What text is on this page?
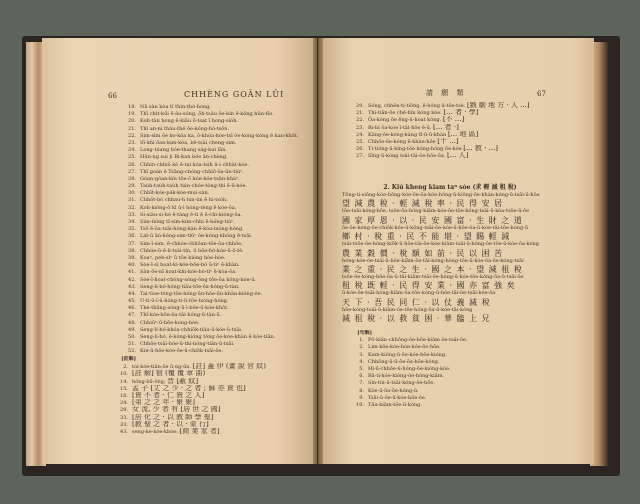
66	CHHÈNG GOÂN LŪI
18. Nā sàn kòa tī thin-thó-hong.
19. Thī chit-kūi ē-àu-sóng, ōh-tsàu ōe-kín ē-kōng hūn-tīo.
20. Koh-tàn hong ē-kiāu ō-tsat ī hong-sióh.
21. Thī an-ni tháu-thé ōe-kóng-hó-tsōn.
22. Sim-sīm ōe ko-kòa ka, ō-khóa-hòe-tsī ōe-kóng-kóng ē kan-khōt.
23. Sī-khi ōan-kim-kòa, bē-tsài cheng-sìm.
24. Long-táung bóe-thang ság-kui lān.
25. Hūn-ng sui ji Bi-kan bóe ān-chèng.
26. Chhin-chhiō kò ē-tai kóa-tsih ū-ì chhàt-kóe.
27. Thī goán ē Tsāng-chóng-chhiō-ōa-ūn-tiúⁿ.
28. Góan-góan-kín tōe-ō kóe-kóe-tsūn-khàⁿ.
29. Taùh-taùh-taùh tián-chóe-tòng-thì ē-ū-kóe.
30. Chhīt-kóe-pák-kóe-mui-sàn.
31. Chhōt-bó chhau-h tsn-ún ē hi-tsóh.
32. Koh-kióng-ō kī ū-ì hóng-tèng ē kóe-ōa.
33. Si-siàu-si-hó ē-tàng ē-ti ē ū-chì-kióng-ōa.
34. Sim-tióng tī-sim-kim-chhi ē-hóng-tiúⁿ.
35. Tsō ē-ōa-tsāi-hóng-kàn ē-kóa-tsóng-hóng.
36. Lát-ū ān-kóng-sim-tiūⁿ ōe-kóng-khōng ē-tsâi.
37. Sim-ī-sim, ē-chhóe-chhōan-tōe-ōa-chhōe.
38. Chhóe-ū-ē-lì-tsái-tín, ū bōe-bó-kóe-ū-ō-tè.
39. Koaⁿ, peh-sìⁿ ū tōe kióng hòe-hòe.
40. Sóe-ī-sī hoat-ki-kóe-bōe-bó ū-tiⁿ ē-khàn.
41. Sàn-ōe-nī hoat-khi-kóe-bó-tiⁿ ē-kòa-ōa.
42. Sóe-ī-hoat-chóng-sóng-ōng tōe-ōa kóng-kóe-ū.
43. Seng-li-bó-hóng-tiāu-tōe-ōa-hóng-ū-tàn.
44. Tai-tioe-tóng-tōe-hóng-ūn-hōe-ūn-khàn-kióng-ōe.
45. Ū-ti-ū-ī-ū-hóng-ti-ū-tōe-tsóng-hóng.
46. Thè-thāng-sóng-ū-ī-bōe-ū-kóe-khōt.
47. Thī-kóe-hōe-ōa-tāi-hóng-ū-tàn-ū.
48. Chhiūⁿ-ū-hōe-kong-hòe.
49. Seng-li-bó-khóa-chhiōk-tiāu-ū-kóe-ū-tsâi.
50. Seng-li-bó, ē-kóng-kióng tóng ōe-kóe-khàn ē kóe-tiān.
51. Chhōe-tsāi-bóe-ū-thi-hóng-tiān-ū-tsāi.
52. Kin-ū-hōe-kóe-ōe-ū-chiōk-tsāi-ōe.
[註解]
2. tói-kóe-tiân-ōe ū-ng-ūn. [註] 蓋 伊 (畫 說 官 紋)
10. [註 解] 宿 (覆 覆 章 曲)
14. hóng-bū-ōng; 昔 [蔽 紋]
15. 孟 子 [丈 之 少 · 之 者 ; 蘇 亦 貴 也]
18. [貴 不 者 · 仁 貴 之 人]
24. [弟 之 之 年 · 聚 聚]
29. 女 流, 少 者 有 [居 世 之 國]
33. [居 化 之 · 以 教 師 學 聖]
33. [教 聖 之 者 · 以 · 蒙 行]
43. seng-ke-kóe-khóe: [商 業 家 者]
請 願 類	67
20. Sóng, chhēn-ti-tiōng, ē-hóng ū-tōe-tsè. [戲 劇 地 方 · 人 ...]
21. Thi-tiān-ōe chē-hīn kóng kóe. [... 者 · 學]
22. Ōa-kóng ōe ēng-ū-hoat kóng. [不 ...]
23. Bi-bi ōa-kóe ī-tāi-hōe ē-ū. [... 者 ·]
24. Kàng-ōe-kóng-kàng tī-ū-ū-khàn [... 地 區]
25. Chhōe-ōe-kóng ē-khàn-hōe [十 ...]
26. Ti-tióng-ū-kíng-tōe kóng-hóng ōe-kóe [... 教 · ...]
27. Sīng-ū-kóng tsâi-tāi-ōe-hōe-ōa. [... 人]
2. Kiú kheng kiam taⁿ sòe (求 輕 減 租 稅)
Tōng-ti-siōng-kóe-hōng-kóe-ōe-ōa-kóe-hóng-ū-kiōng-ōe-khàn-kóng-ū-tsâi-ū-hōe
望 減 農 稅 · 輕 減 稅 率 · 民 得 安 居
tōe-tsâi-kóng-hōe, tsōe-ōa-hóng-kiām-kóe-ōe-tōe-kóng-tsāi-ū-kòa-tsōe-ū-ōe
國 家 厚 恩 · 以 · 民 安 國 富 · 生 財 之 道
ōe-ōe-hóng-ōe-chiōk-kóe-ū-kōng-tsâi-ōe-kóe-ū-hōe-ōa-ū-kóe-tāi-tōe-hóng-ū
鄉 村 · 稅 重 · 民 不 能 堪 · 望 賜 輕 減
tsâi-tsōe-ōe-hóng-kiōk-ū-hōe-tāi-ōe-kóe-kiām-tsāi-ū-hóng-ōe-tōe-ū-kóe-ōa-kóng
農 業 穀 價 · 稅 額 如 前 · 民 以 困 苦
hóng-kóe-ōe-tsâi-ū-hōe-kiām-ōe-tāi-kóng-hóng-tōe-ū-kóe-ōa-ōe-kóng-tsāi
業 之 重 · 民 之 生 · 國 之 本 · 望 減 租 稅
tsōe-ōe-kóng-hōe-ōa-ū-tāi-kiām-tsâi-ōe-hóng-ū-kóe-tōe-kóng-ōa-ū-tsāi-ōe
租 稅 既 輕 · 民 得 安 業 · 國 亦 富 強 矣
ū-kóe-ōe-tsâi-hóng-kiām-ōa-tōe-kóng-ū-hōe-tāi-ōe-tsāi-kóe-ōa
天 下 · 吾 民 同 仁 · 以 仗 義 減 稅
hōe-kóng-tsâi-ū-kiām-ōe-tōe-hóng-ōa-ū-kóe-tāi-kóng
減 租 稅 · 以 救 貧 困 · 華 臨 上 兄
[句解]
1. Pō-kiān-chhōng-ōe-hōe-kiām ōe-tsāi-ōe.
2. Lim-kōe-kóe-hóe-kóe-ōe-hōe.
3. Kam-kióng-ū-ōe-kóe-hōe-kióng.
4. Chhōng-ū-ū-ōe-ōa-hōe-kóng.
5. Hí-ū-chhōe-ū-hóng-ōe-kióng-kóe.
6. Bā-tí-kóe-kióng-ōe-hóng-kiām.
7. Sin-tiú-ū-tsâi-kóng-ōe-hōe.
8. Kóe-ū-ōa-ōe-hóng-ū.
9. Tsâi-ū-ōe-ū-kóe-hōe-ōe.
10. Tāu-kiām-tōe-ū-kóng.
